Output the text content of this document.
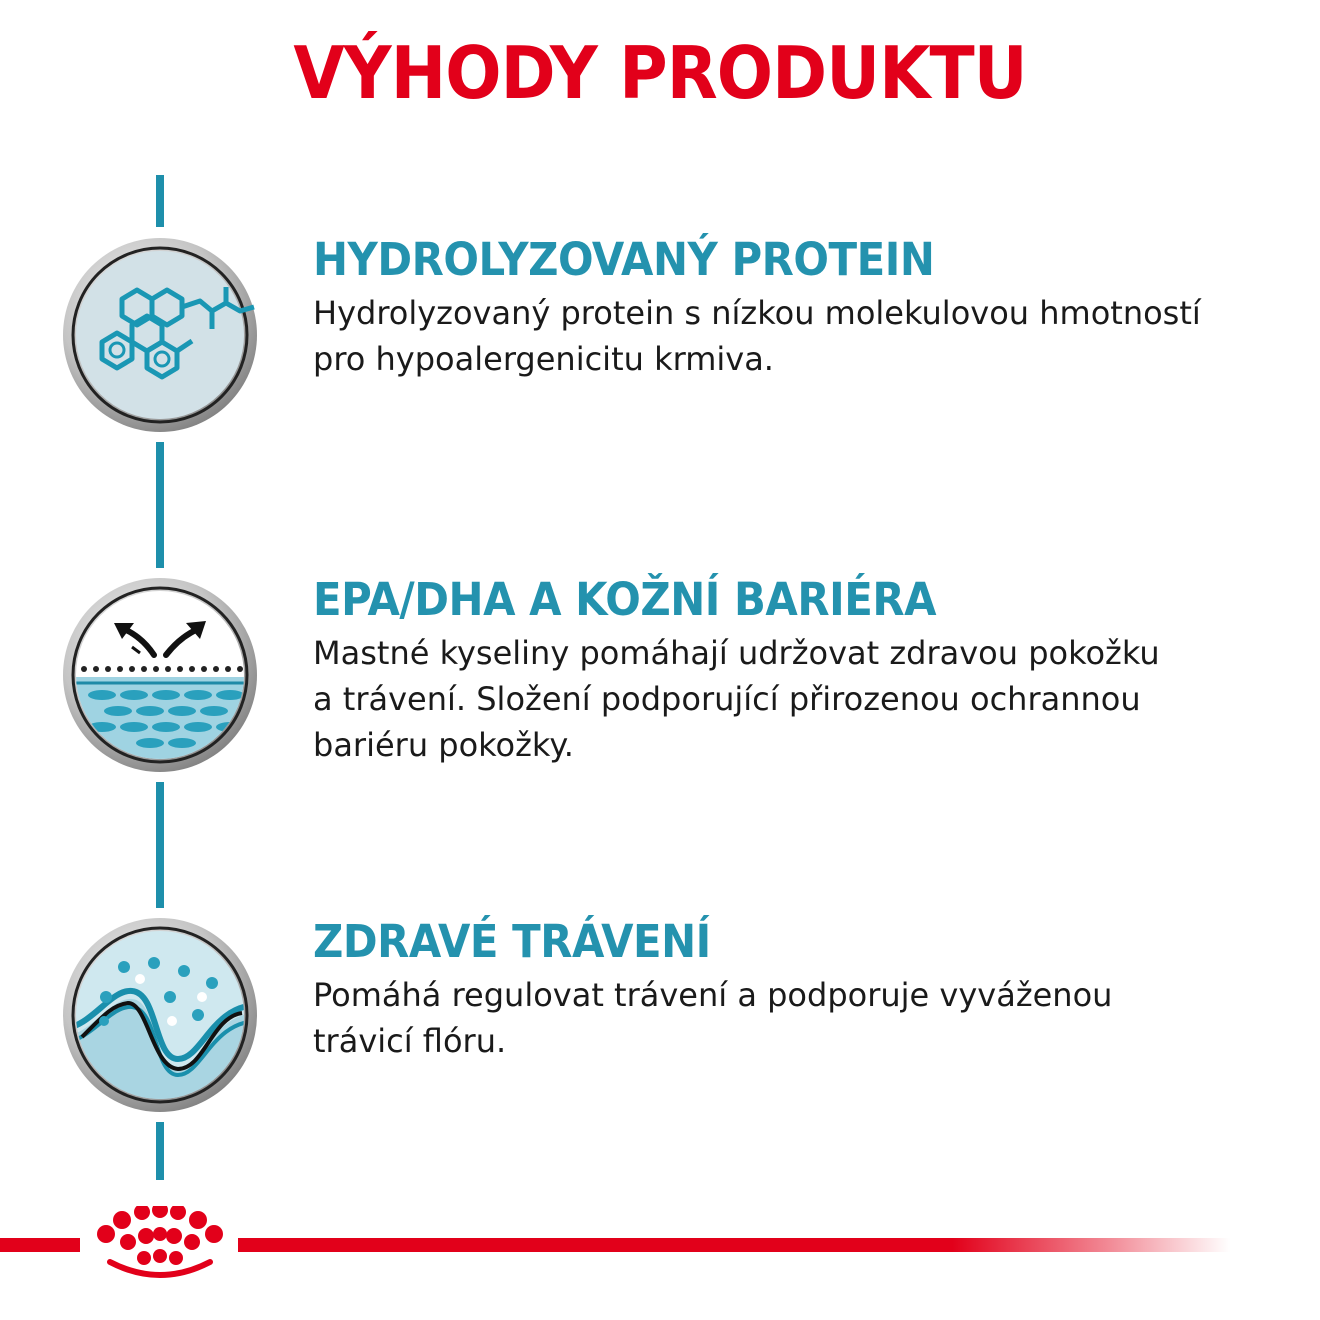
VÝHODY PRODUKTU
HYDROLYZOVANÝ PROTEIN
Hydrolyzovaný protein s nízkou molekulovou hmotností
pro hypoalergenicitu krmiva.
EPA/DHA A KOŽNÍ BARIÉRA
Mastné kyseliny pomáhají udržovat zdravou pokožku
a trávení. Složení podporující přirozenou ochrannou
bariéru pokožky.
ZDRAVÉ TRÁVENÍ
Pomáhá regulovat trávení a podporuje vyváženou
trávicí flóru.
